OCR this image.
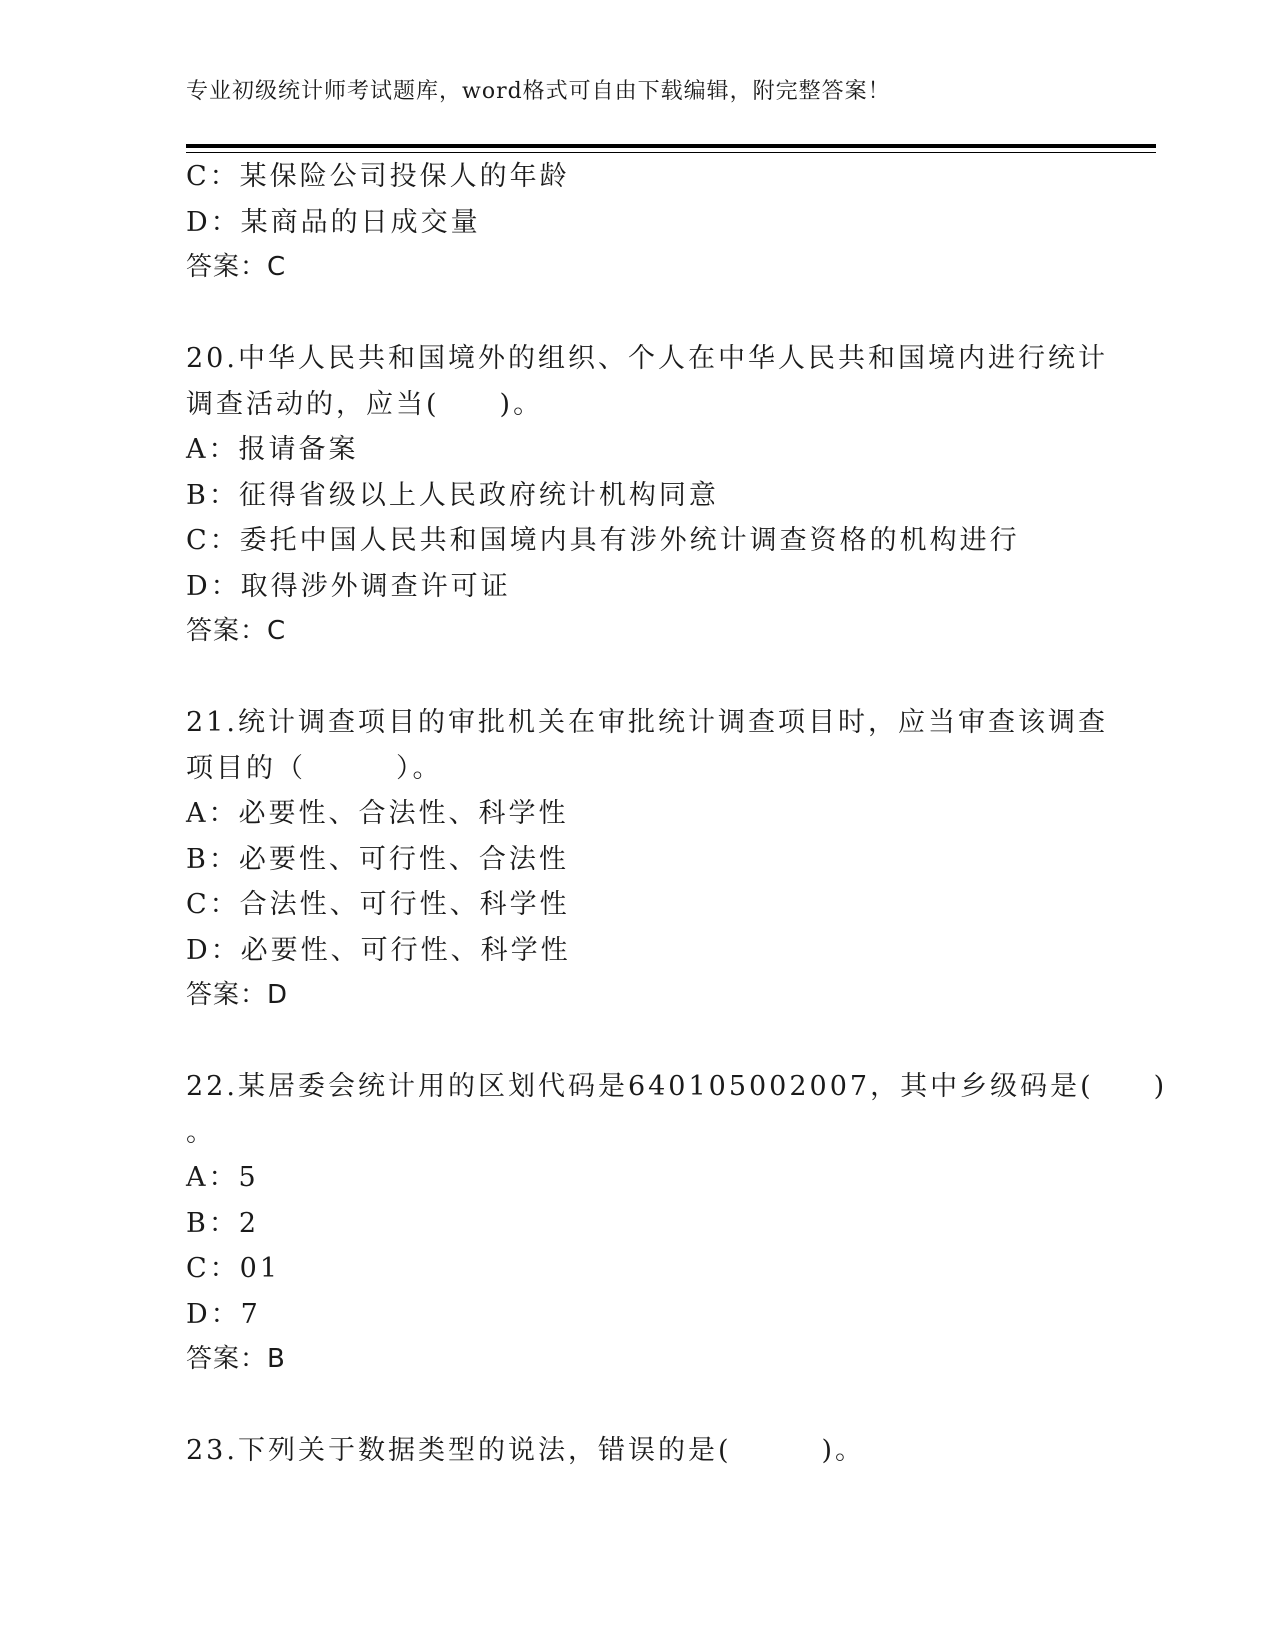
专业初级统计师考试题库，word格式可自由下载编辑，附完整答案！
C：某保险公司投保人的年龄
D：某商品的日成交量
答案：C
20.中华人民共和国境外的组织、个人在中华人民共和国境内进行统计
调查活动的，应当(　　)。
A：报请备案
B：征得省级以上人民政府统计机构同意
C：委托中国人民共和国境内具有涉外统计调查资格的机构进行
D：取得涉外调查许可证
答案：C
21.统计调查项目的审批机关在审批统计调查项目时，应当审查该调查
项目的（　　　）。
A：必要性、合法性、科学性
B：必要性、可行性、合法性
C：合法性、可行性、科学性
D：必要性、可行性、科学性
答案：D
22.某居委会统计用的区划代码是640105002007，其中乡级码是(　　)
。
A：5
B：2
C：01
D：7
答案：B
23.下列关于数据类型的说法，错误的是(　　　)。
